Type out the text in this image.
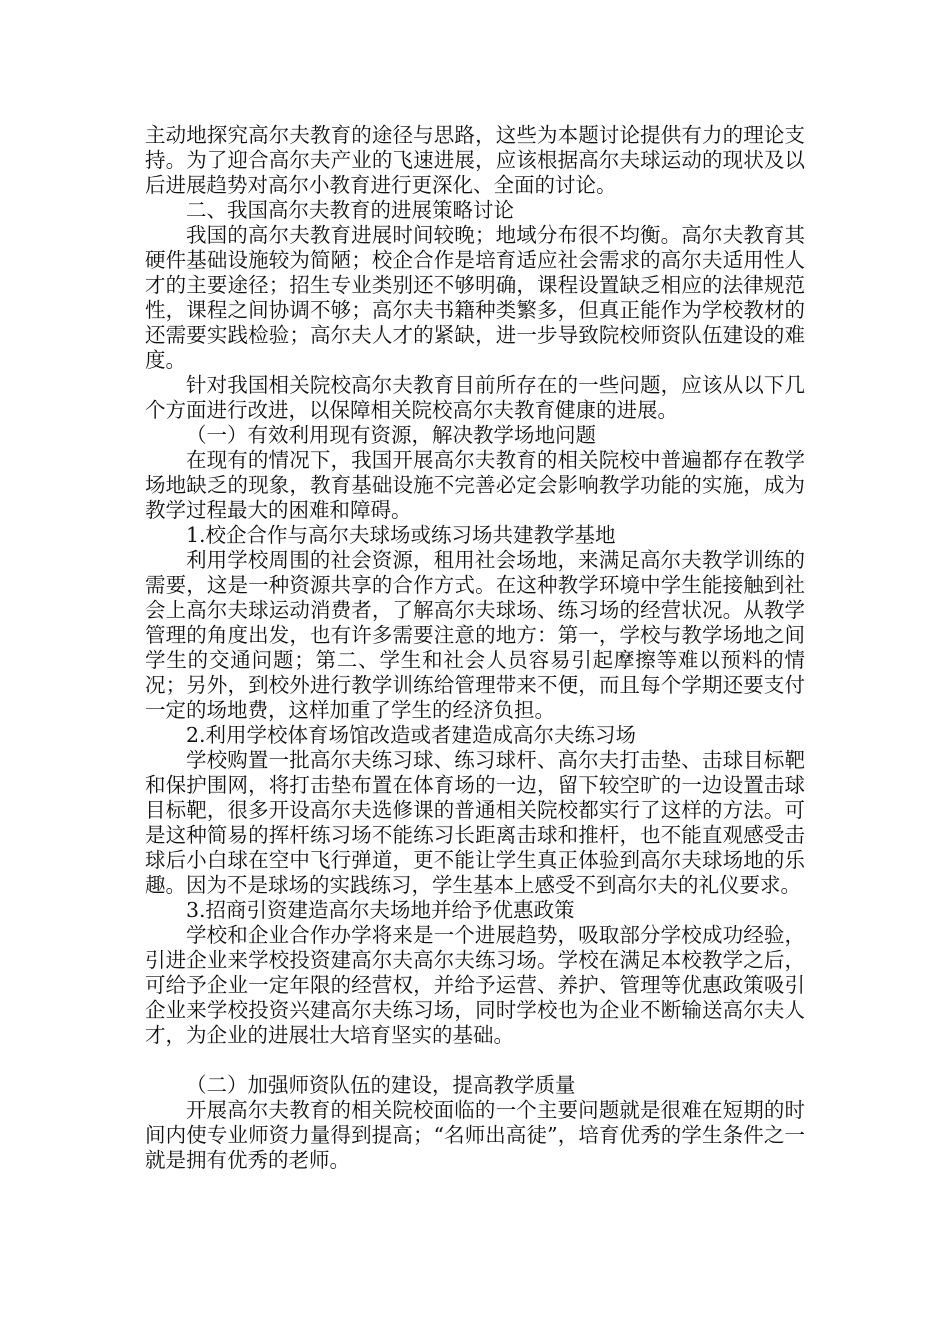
主动地探究高尔夫教育的途径与思路，这些为本题讨论提供有力的理论支持。为了迎合高尔夫产业的飞速进展，应该根据高尔夫球运动的现状及以后进展趋势对高尔小教育进行更深化、全面的讨论。

二、我国高尔夫教育的进展策略讨论

我国的高尔夫教育进展时间较晚；地域分布很不均衡。高尔夫教育其硬件基础设施较为简陋；校企合作是培育适应社会需求的高尔夫适用性人才的主要途径；招生专业类别还不够明确，课程设置缺乏相应的法律规范性，课程之间协调不够；高尔夫书籍种类繁多，但真正能作为学校教材的还需要实践检验；高尔夫人才的紧缺，进一步导致院校师资队伍建设的难度。

针对我国相关院校高尔夫教育目前所存在的一些问题，应该从以下几个方面进行改进，以保障相关院校高尔夫教育健康的进展。

（一）有效利用现有资源，解决教学场地问题

在现有的情况下，我国开展高尔夫教育的相关院校中普遍都存在教学场地缺乏的现象，教育基础设施不完善必定会影响教学功能的实施，成为教学过程最大的困难和障碍。

1.校企合作与高尔夫球场或练习场共建教学基地

利用学校周围的社会资源，租用社会场地，来满足高尔夫教学训练的需要，这是一种资源共享的合作方式。在这种教学环境中学生能接触到社会上高尔夫球运动消费者，了解高尔夫球场、练习场的经营状况。从教学管理的角度出发，也有许多需要注意的地方：第一，学校与教学场地之间学生的交通问题；第二、学生和社会人员容易引起摩擦等难以预料的情况；另外，到校外进行教学训练给管理带来不便，而且每个学期还要支付一定的场地费，这样加重了学生的经济负担。

2.利用学校体育场馆改造或者建造成高尔夫练习场

学校购置一批高尔夫练习球、练习球杆、高尔夫打击垫、击球目标靶和保护围网，将打击垫布置在体育场的一边，留下较空旷的一边设置击球目标靶，很多开设高尔夫选修课的普通相关院校都实行了这样的方法。可是这种简易的挥杆练习场不能练习长距离击球和推杆，也不能直观感受击球后小白球在空中飞行弹道，更不能让学生真正体验到高尔夫球场地的乐趣。因为不是球场的实践练习，学生基本上感受不到高尔夫的礼仪要求。

3.招商引资建造高尔夫场地并给予优惠政策

学校和企业合作办学将来是一个进展趋势，吸取部分学校成功经验，引进企业来学校投资建高尔夫高尔夫练习场。学校在满足本校教学之后，可给予企业一定年限的经营权，并给予运营、养护、管理等优惠政策吸引企业来学校投资兴建高尔夫练习场，同时学校也为企业不断输送高尔夫人才，为企业的进展壮大培育坚实的基础。

（二）加强师资队伍的建设，提高教学质量

开展高尔夫教育的相关院校面临的一个主要问题就是很难在短期的时间内使专业师资力量得到提高；“名师出高徒”，培育优秀的学生条件之一就是拥有优秀的老师。
